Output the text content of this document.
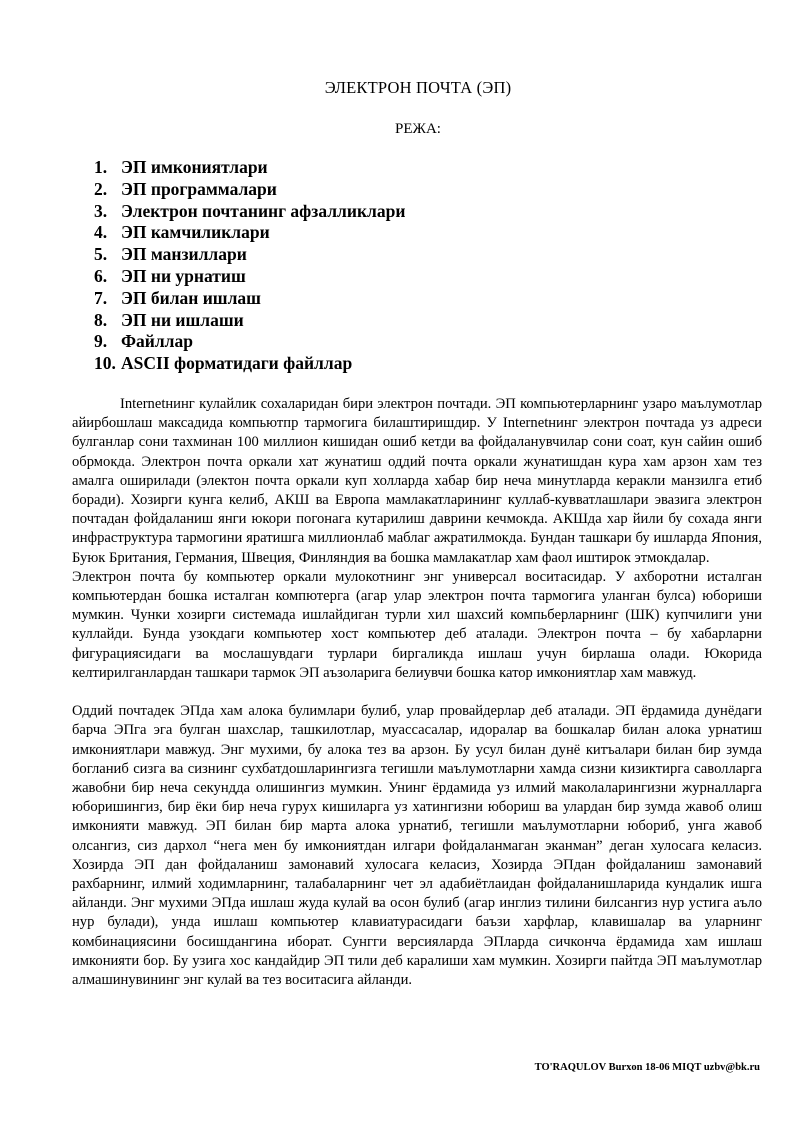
ЭЛЕКТРОН ПОЧТА (ЭП)
РЕЖА:
1. ЭП имкониятлари
2. ЭП программалари
3. Электрон почтанинг афзалликлари
4. ЭП камчиликлари
5. ЭП манзиллари
6. ЭП ни урнатиш
7. ЭП билан ишлаш
8. ЭП ни ишлаши
9. Файллар
10. ASCII форматидаги файллар

Internetнинг кулайлик сохаларидан бири электрон почтади. ЭП компьютерларнинг узаро маълумотлар айирбошлаш максадида компьютпр тармогига билаштиришдир. У Internetнинг электрон почтада уз адреси булганлар сони тахминан 100 миллион кишидан ошиб кетди ва фойдаланувчилар сони соат, кун сайин ошиб обрмокда. Электрон почта оркали хат жунатиш оддий почта оркали жунатишдан кура хам арзон хам тез амалга оширилади (электон почта оркали куп холларда хабар бир неча минутларда керакли манзилга етиб боради). Хозирги кунга келиб, АКШ ва Европа мамлакатларининг куллаб-кувватлашлари эвазига электрон почтадан фойдаланиш янги юкори погонага кутарилиш даврини кечмокда. АКШда хар йили бу сохада янги инфраструктура тармогини яратишга миллионлаб маблаг ажратилмокда. Бундан ташкари бу ишларда Япония, Буюк Британия, Германия, Швеция, Финляндия ва бошка мамлакатлар хам фаол иштирок этмокдалар.

Электрон почта бу компьютер оркали мулокотнинг энг универсал воситасидар. У ахборотни исталган компьютердан бошка исталган компютерга (агар улар электрон почта тармогига уланган булса) юбориши мумкин. Чунки хозирги системада ишлайдиган турли хил шахсий компьберларнинг (ШК) купчилиги уни куллайди. Бунда узокдаги компьютер хост компьютер деб аталади. Электрон почта – бу хабарларни фигурациясидаги ва мослашувдаги турлари биргаликда ишлаш учун бирлаша олади. Юкорида келтирилганлардан ташкари тармок ЭП аъзоларига белиувчи бошка катор имкониятлар хам мавжуд.

Оддий почтадек ЭПда хам алока булимлари булиб, улар провайдерлар деб аталади. ЭП ёрдамида дунёдаги барча ЭПга эга булган шахслар, ташкилотлар, муассасалар, идоралар ва бошкалар билан алока урнатиш имкониятлари мавжуд. Энг мухими, бу алока тез ва арзон. Бу усул билан дунё китъалари билан бир зумда богланиб сизга ва сизнинг сухбатдошларингизга тегишли маълумотларни хамда сизни кизиктирга саволларга жавобни бир неча секундда олишингиз мумкин. Унинг ёрдамида уз илмий маколаларингизни журналларга юборишингиз, бир ёки бир неча гурух кишиларга уз хатингизни юбориш ва улардан бир зумда жавоб олиш имконияти мавжуд. ЭП билан бир марта алока урнатиб, тегишли маълумотларни юбориб, унга жавоб олсангиз, сиз дархол “нега мен бу имкониятдан илгари фойдаланмаган эканман” деган хулосага келасиз. Хозирда ЭП дан фойдаланиш замонавий хулосага келасиз, Хозирда ЭПдан фойдаланиш замонавий рахбарнинг, илмий ходимларнинг, талабаларнинг чет эл адабиётлаидан фойдаланишларида кундалик ишга айланди. Энг мухими ЭПда ишлаш жуда кулай ва осон булиб (агар инглиз тилини билсангиз нур устига аъло нур булади), унда ишлаш компьютер клавиатурасидаги баъзи харфлар, клавишалар ва уларнинг комбинациясини босишдангина иборат. Сунгги версияларда ЭПларда сичконча ёрдамида хам ишлаш имконияти бор. Бу узига хос кандайдир ЭП тили деб каралиши хам мумкин. Хозирги пайтда ЭП маълумотлар алмашинувининг энг кулай ва тез воситасига айланди.

TO'RAQULOV Burxon 18-06 MIQT uzbv@bk.ru
